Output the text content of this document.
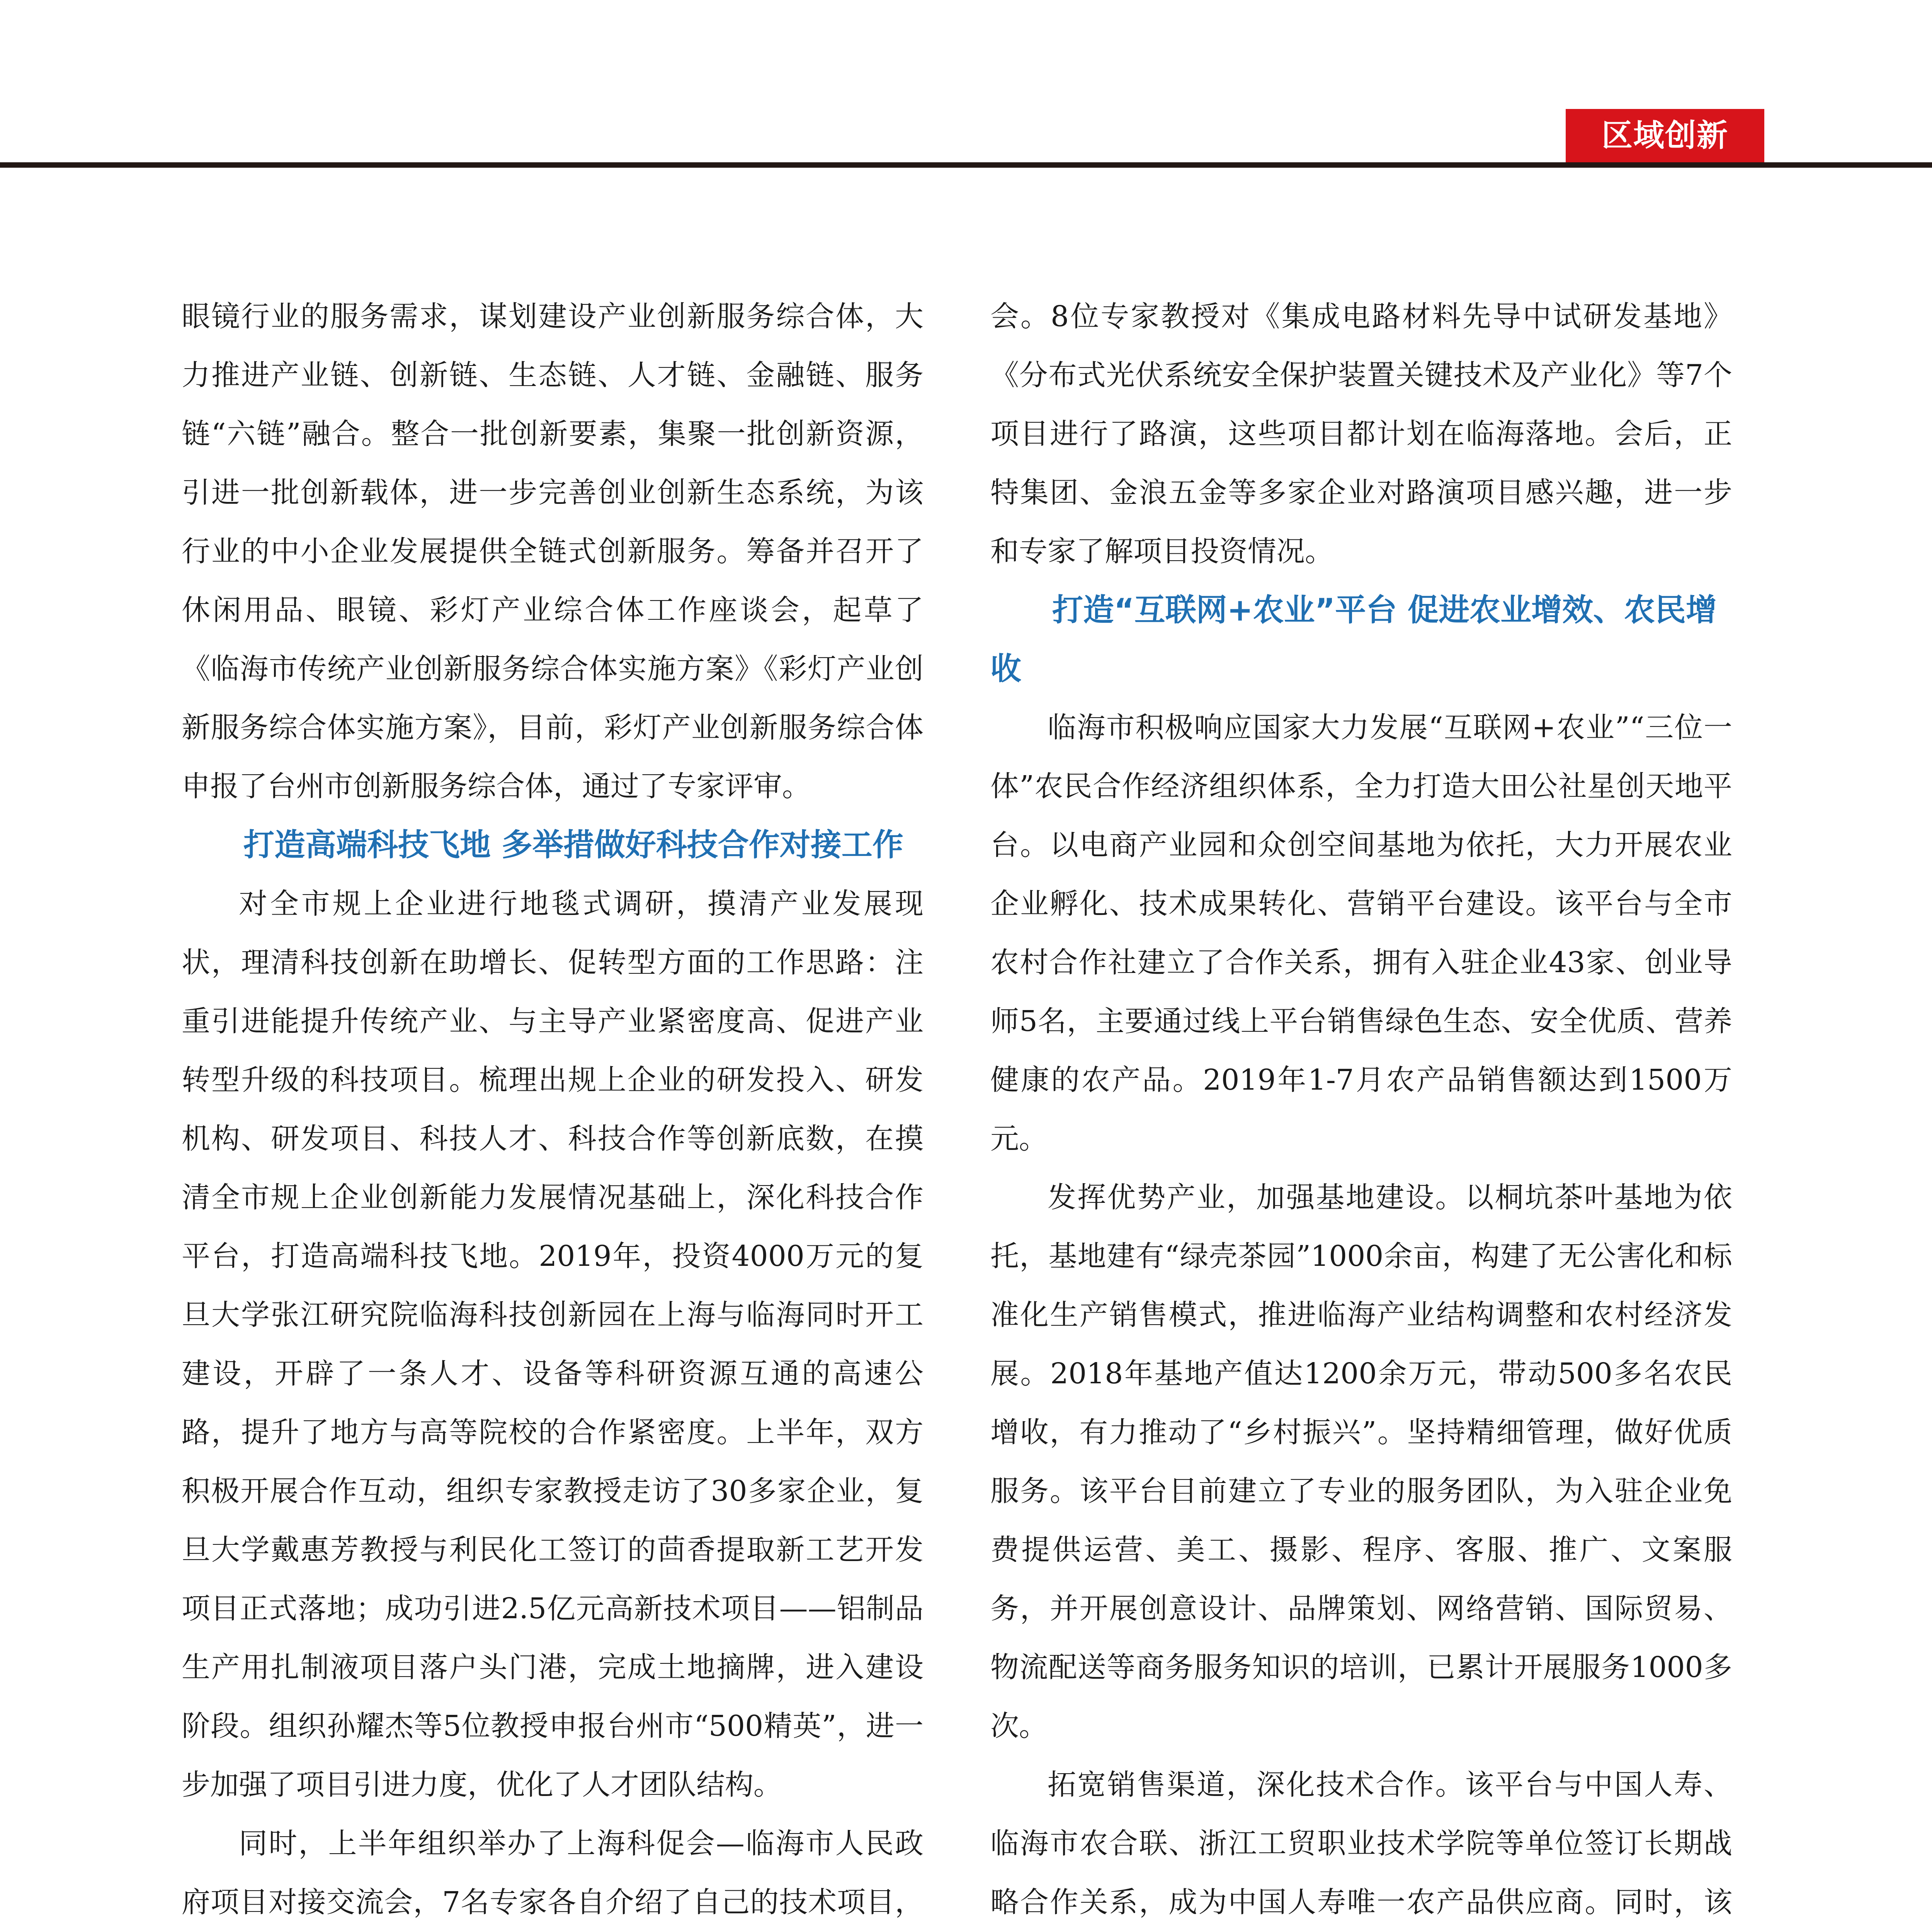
区域创新

眼镜行业的服务需求，谋划建设产业创新服务综合体，大力推进产业链、创新链、生态链、人才链、金融链、服务链“六链”融合。整合一批创新要素，集聚一批创新资源，引进一批创新载体，进一步完善创业创新生态系统，为该行业的中小企业发展提供全链式创新服务。筹备并召开了休闲用品、眼镜、彩灯产业综合体工作座谈会，起草了《临海市传统产业创新服务综合体实施方案》《彩灯产业创新服务综合体实施方案》，目前，彩灯产业创新服务综合体申报了台州市创新服务综合体，通过了专家评审。

打造高端科技飞地 多举措做好科技合作对接工作

对全市规上企业进行地毯式调研，摸清产业发展现状，理清科技创新在助增长、促转型方面的工作思路：注重引进能提升传统产业、与主导产业紧密度高、促进产业转型升级的科技项目。梳理出规上企业的研发投入、研发机构、研发项目、科技人才、科技合作等创新底数，在摸清全市规上企业创新能力发展情况基础上，深化科技合作平台，打造高端科技飞地。2019年，投资4000万元的复旦大学张江研究院临海科技创新园在上海与临海同时开工建设，开辟了一条人才、设备等科研资源互通的高速公路，提升了地方与高等院校的合作紧密度。上半年，双方积极开展合作互动，组织专家教授走访了30多家企业，复旦大学戴惠芳教授与利民化工签订的茴香提取新工艺开发项目正式落地；成功引进2.5亿元高新技术项目——铝制品生产用扎制液项目落户头门港，完成土地摘牌，进入建设阶段。组织孙耀杰等5位教授申报台州市“500精英”，进一步加强了项目引进力度，优化了人才团队结构。

同时，上半年组织举办了上海科促会—临海市人民政府项目对接交流会，7名专家各自介绍了自己的技术项目，

会。8位专家教授对《集成电路材料先导中试研发基地》《分布式光伏系统安全保护装置关键技术及产业化》等7个项目进行了路演，这些项目都计划在临海落地。会后，正特集团、金浪五金等多家企业对路演项目感兴趣，进一步和专家了解项目投资情况。

打造“互联网+农业”平台 促进农业增效、农民增收

临海市积极响应国家大力发展“互联网+农业”“三位一体”农民合作经济组织体系，全力打造大田公社星创天地平台。以电商产业园和众创空间基地为依托，大力开展农业企业孵化、技术成果转化、营销平台建设。该平台与全市农村合作社建立了合作关系，拥有入驻企业43家、创业导师5名，主要通过线上平台销售绿色生态、安全优质、营养健康的农产品。2019年1-7月农产品销售额达到1500万元。

发挥优势产业，加强基地建设。以桐坑茶叶基地为依托，基地建有“绿壳茶园”1000余亩，构建了无公害化和标准化生产销售模式，推进临海产业结构调整和农村经济发展。2018年基地产值达1200余万元，带动500多名农民增收，有力推动了“乡村振兴”。坚持精细管理，做好优质服务。该平台目前建立了专业的服务团队，为入驻企业免费提供运营、美工、摄影、程序、客服、推广、文案服务，并开展创意设计、品牌策划、网络营销、国际贸易、物流配送等商务服务知识的培训，已累计开展服务1000多次。

拓宽销售渠道，深化技术合作。该平台与中国人寿、临海市农合联、浙江工贸职业技术学院等单位签订长期战略合作关系，成为中国人寿唯一农产品供应商。同时，该
